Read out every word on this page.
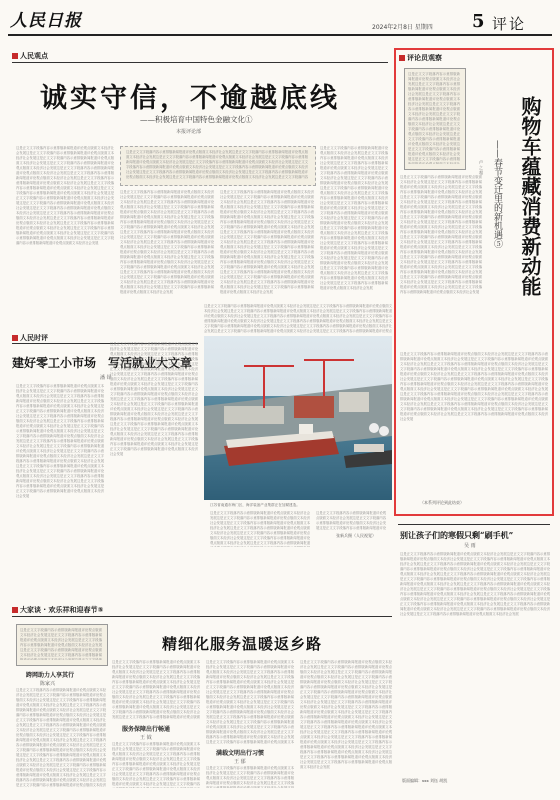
人民日报	2024年2月8日 星期四 5 评论
人民观点
诚实守信，不逾越底线
——积极培育中国特色金融文化①
本报评论部
这是正文文字段落内容示意排版新闻报道评论观点版面文本经济社会发展这是正文文字段落内容示意排版新闻报道评论观点版面文本经济社会发展这是正文文字段落内容示意排版新闻报道评论观点版面文本经济社会发展这是正文文字段落内容示意排版新闻报道评论观点版面文本经济社会发展这是正文文字段落内容示意排版新闻报道评论观点版面文本经济社会发展这是正文文字段落内容示意排版新闻报道评论观点版面文本经济社会发展这是正文文字段落内容示意排版新闻报道评论观点版面文本经济社会发展这是正文文字段落内容示意排版新闻报道评论观点版面文本经济社会发展这是正文文字段落内容示意排版新闻报道评论观点版面文本经济社会发展这是正文文字段落内容示意排版新闻报道评论观点版面文本经济社会发展这是正文文字段落内容示意排版新闻报道评论观点版面文本经济社会发展这是正文文字段落内容示意排版新闻报道评论观点版面文本经济社会发展这是正文文字段落内容示意排版新闻报道评论观点版面文本经济社会发展这是正文文字段落内容示意排版新闻报道评论观点版面文本经济社会发展这是正文文字段落内容示意排版新闻报道评论观点版面文本经济社会发展这是正文文字段落内容示意排版新闻报道评论观点版面文本经济社会发展这是正文文字段落内容示意排版新闻报道评论观点版面文本经济社会发展这是正文文字段落内容示意排版新闻报道评论观点版面文本经济社会发展
这是正文文字段落内容示意排版新闻报道评论观点版面文本经济社会发展这是正文文字段落内容示意排版新闻报道评论观点版面文本经济社会发展这是正文文字段落内容示意排版新闻报道评论观点版面文本经济社会发展这是正文文字段落内容示意排版新闻报道评论观点版面文本经济社会发展这是正文文字段落内容示意排版新闻报道评论观点版面文本经济社会发展这是正文文字段落内容示意排版新闻报道评论观点版面文本经济社会发展这是正文文字段落内容示意排版新闻报道评论观点版面文本经济社会发展这是正文文字段落内容示意排版新闻报道评论观点版面文本经济社会发展这是正文文字段落内容示意排版新闻报道评论观点版面文本经济社会发展这是正文文字段落内容示意排版新闻报道评论观点版面文本经济社会发展这是正文文字段落内容示意排版新闻报道评论观点版面文本经济社会发展这是正文文字段落内容示意排版新闻报道评论观点版面文本经济社会发展这是正文文字段落内容示意排版新闻报道评论观点版面文本经济社会发展这是正文文字段落内容示意排版新闻报道评论观点版面文本经济社会发展这是正文文字段落内容示意排版新闻报道评论观点版面文本经济社会发展这是正文文字段落内容示意排版新闻报道评论观点版面文本经济社会发展这是正文文字段落内容示意排版新闻报道评论观点版面文本经济社会发展这是正文文字段落内容示意排版新闻报道评论观点版面文本经济社会发展
这是正文文字段落内容示意排版新闻报道评论观点版面文本经济社会发展这是正文文字段落内容示意排版新闻报道评论观点版面文本经济社会发展这是正文文字段落内容示意排版新闻报道评论观点版面文本经济社会发展这是正文文字段落内容示意排版新闻报道评论观点版面文本经济社会发展这是正文文字段落内容示意排版新闻报道评论观点版面文本经济社会发展这是正文文字段落内容示意排版新闻报道评论观点版面文本经济社会发展这是正文文字段落内容示意排版新闻报道评论观点版面文本经济社会发展这是正文文字段落内容示意排版新闻报道评论观点版面文本经济社会发展这是正文文字段落内容示意排版新闻报道评论观点版面文本经济社会发展这是正文文字段落内容示意排版新闻报道评论观点版面文本经济社会发展这是正文文字段落内容示意排版新闻报道评论观点版面文本经济社会发展这是正文文字段落内容示意排版新闻报道评论观点版面文本经济社会发展这是正文文字段落内容示意排版新闻报道评论观点版面文本经济社会发展这是正文文字段落内容示意排版新闻报道评论观点版面文本经济社会发展这是正文文字段落内容示意排版新闻报道评论观点版面文本经济社会发展这是正文文字段落内容示意排版新闻报道评论观点版面文本经济社会发展这是正文文字段落内容示意排版新闻报道评论观点版面文本经济社会发展这是正文文字段落内容示意排版新闻报道评论观点版面文本经济社会发展
这是正文文字段落内容示意排版新闻报道评论观点版面文本经济社会发展这是正文文字段落内容示意排版新闻报道评论观点版面文本经济社会发展这是正文文字段落内容示意排版新闻报道评论观点版面文本经济社会发展这是正文文字段落内容示意排版新闻报道评论观点版面文本经济社会发展这是正文文字段落内容示意排版新闻报道评论观点版面文本经济社会发展这是正文文字段落内容示意排版新闻报道评论观点版面文本经济社会发展这是正文文字段落内容示意排版新闻报道评论观点版面文本经济社会发展这是正文文字段落内容示意排版新闻报道评论观点版面文本经济社会发展这是正文文字段落内容示意排版新闻报道评论观点版面文本经济社会发展这是正文文字段落内容示意排版新闻报道评论观点版面文本经济社会发展这是正文文字段落内容示意排版新闻报道评论观点版面文本经济社会发展这是正文文字段落内容示意排版新闻报道评论观点版面文本经济社会发展这是正文文字段落内容示意排版新闻报道评论观点版面文本经济社会发展这是正文文字段落内容示意排版新闻报道评论观点版面文本经济社会发展这是正文文字段落内容示意排版新闻报道评论观点版面文本经济社会发展这是正文文字段落内容示意排版新闻报道评论观点版面文本经济社会发展这是正文文字段落内容示意排版新闻报道评论观点版面文本经济社会发展这是正文文字段落内容示意排版新闻报道评论观点版面文本经济社会发展
这是正文文字段落内容示意排版新闻报道评论观点版面文本经济社会发展这是正文文字段落内容示意排版新闻报道评论观点版面文本经济社会发展这是正文文字段落内容示意排版新闻报道评论观点版面文本经济社会发展这是正文文字段落内容示意排版新闻报道评论观点版面文本经济社会发展这是正文文字段落内容示意排版新闻报道评论观点版面文本经济社会发展这是正文文字段落内容示意排版新闻报道评论观点版面文本经济社会发展这是正文文字段落内容示意排版新闻报道评论观点版面文本经济社会发展这是正文文字段落内容示意排版新闻报道评论观点版面文本经济社会发展这是正文文字段落内容示意排版新闻报道评论观点版面文本经济社会发展这是正文文字段落内容示意排版新闻报道评论观点版面文本经济社会发展这是正文文字段落内容示意排版新闻报道评论观点版面文本经济社会发展这是正文文字段落内容示意排版新闻报道评论观点版面文本经济社会发展这是正文文字段落内容示意排版新闻报道评论观点版面文本经济社会发展这是正文文字段落内容示意排版新闻报道评论观点版面文本经济社会发展这是正文文字段落内容示意排版新闻报道评论观点版面文本经济社会发展这是正文文字段落内容示意排版新闻报道评论观点版面文本经济社会发展这是正文文字段落内容示意排版新闻报道评论观点版面文本经济社会发展这是正文文字段落内容示意排版新闻报道评论观点版面文本经济社会发展
评论员观察
这是正文文字段落内容示意排版新闻报道评论观点版面文本经济社会发展这是正文文字段落内容示意排版新闻报道评论观点版面文本经济社会发展这是正文文字段落内容示意排版新闻报道评论观点版面文本经济社会发展这是正文文字段落内容示意排版新闻报道评论观点版面文本经济社会发展这是正文文字段落内容示意排版新闻报道评论观点版面文本经济社会发展这是正文文字段落内容示意排版新闻报道评论观点版面文本经济社会发展这是正文文字段落内容示意排版新闻报道评论观点版面文本经济社会发展这是正文文字段落内容示意排版新闻报道评论观点版面文本经济社会发展这是正文文字段落内容示意排版新闻报道评论观点版面文本经济社会发展这是正文文字段落内容示意排版新闻报道评论观点版面文本经济社会发展这是正文文字段落内容示意排版新闻报道评论观点版面文本经济社会发展这是正文文字段落内容示意排版新闻报道评论观点版面文本经济社会发展这是正文文字段落内容示意排版新闻报道评论观点版面文本经济社会发展这是正文文字段落内容示意排版新闻报道评论观点版面文本经济社会发展这是正文文字段落内容示意排版新闻报道评论观点版面文本经济社会发展这是正文文字段落内容示意排版新闻报道评论观点版面文本经济社会发展这是正文文字段落内容示意排版新闻报道评论观点版面文本经济社会发展这是正文文字段落内容示意排版新闻报道评论观点版面文本经济社会发展
购物车蕴藏消费新动能
——春节变迁里的新机遇⑤
卢 之 超
这是正文文字段落内容示意排版新闻报道评论观点版面文本经济社会发展这是正文文字段落内容示意排版新闻报道评论观点版面文本经济社会发展这是正文文字段落内容示意排版新闻报道评论观点版面文本经济社会发展这是正文文字段落内容示意排版新闻报道评论观点版面文本经济社会发展这是正文文字段落内容示意排版新闻报道评论观点版面文本经济社会发展这是正文文字段落内容示意排版新闻报道评论观点版面文本经济社会发展这是正文文字段落内容示意排版新闻报道评论观点版面文本经济社会发展这是正文文字段落内容示意排版新闻报道评论观点版面文本经济社会发展这是正文文字段落内容示意排版新闻报道评论观点版面文本经济社会发展这是正文文字段落内容示意排版新闻报道评论观点版面文本经济社会发展这是正文文字段落内容示意排版新闻报道评论观点版面文本经济社会发展这是正文文字段落内容示意排版新闻报道评论观点版面文本经济社会发展这是正文文字段落内容示意排版新闻报道评论观点版面文本经济社会发展这是正文文字段落内容示意排版新闻报道评论观点版面文本经济社会发展这是正文文字段落内容示意排版新闻报道评论观点版面文本经济社会发展这是正文文字段落内容示意排版新闻报道评论观点版面文本经济社会发展这是正文文字段落内容示意排版新闻报道评论观点版面文本经济社会发展这是正文文字段落内容示意排版新闻报道评论观点版面文本经济社会发展
这是正文文字段落内容示意排版新闻报道评论观点版面文本经济社会发展这是正文文字段落内容示意排版新闻报道评论观点版面文本经济社会发展这是正文文字段落内容示意排版新闻报道评论观点版面文本经济社会发展这是正文文字段落内容示意排版新闻报道评论观点版面文本经济社会发展这是正文文字段落内容示意排版新闻报道评论观点版面文本经济社会发展这是正文文字段落内容示意排版新闻报道评论观点版面文本经济社会发展这是正文文字段落内容示意排版新闻报道评论观点版面文本经济社会发展这是正文文字段落内容示意排版新闻报道评论观点版面文本经济社会发展这是正文文字段落内容示意排版新闻报道评论观点版面文本经济社会发展这是正文文字段落内容示意排版新闻报道评论观点版面文本经济社会发展这是正文文字段落内容示意排版新闻报道评论观点版面文本经济社会发展这是正文文字段落内容示意排版新闻报道评论观点版面文本经济社会发展这是正文文字段落内容示意排版新闻报道评论观点版面文本经济社会发展这是正文文字段落内容示意排版新闻报道评论观点版面文本经济社会发展这是正文文字段落内容示意排版新闻报道评论观点版面文本经济社会发展这是正文文字段落内容示意排版新闻报道评论观点版面文本经济社会发展这是正文文字段落内容示意排版新闻报道评论观点版面文本经济社会发展这是正文文字段落内容示意排版新闻报道评论观点版面文本经济社会发展
（本系列评论到此结束）
人民时评
建好零工小市场　写活就业大文章
潘 铎
这是正文文字段落内容示意排版新闻报道评论观点版面文本经济社会发展这是正文文字段落内容示意排版新闻报道评论观点版面文本经济社会发展这是正文文字段落内容示意排版新闻报道评论观点版面文本经济社会发展这是正文文字段落内容示意排版新闻报道评论观点版面文本经济社会发展这是正文文字段落内容示意排版新闻报道评论观点版面文本经济社会发展这是正文文字段落内容示意排版新闻报道评论观点版面文本经济社会发展这是正文文字段落内容示意排版新闻报道评论观点版面文本经济社会发展这是正文文字段落内容示意排版新闻报道评论观点版面文本经济社会发展这是正文文字段落内容示意排版新闻报道评论观点版面文本经济社会发展这是正文文字段落内容示意排版新闻报道评论观点版面文本经济社会发展这是正文文字段落内容示意排版新闻报道评论观点版面文本经济社会发展这是正文文字段落内容示意排版新闻报道评论观点版面文本经济社会发展这是正文文字段落内容示意排版新闻报道评论观点版面文本经济社会发展这是正文文字段落内容示意排版新闻报道评论观点版面文本经济社会发展这是正文文字段落内容示意排版新闻报道评论观点版面文本经济社会发展这是正文文字段落内容示意排版新闻报道评论观点版面文本经济社会发展这是正文文字段落内容示意排版新闻报道评论观点版面文本经济社会发展这是正文文字段落内容示意排版新闻报道评论观点版面文本经济社会发展
这是正文文字段落内容示意排版新闻报道评论观点版面文本经济社会发展这是正文文字段落内容示意排版新闻报道评论观点版面文本经济社会发展这是正文文字段落内容示意排版新闻报道评论观点版面文本经济社会发展这是正文文字段落内容示意排版新闻报道评论观点版面文本经济社会发展这是正文文字段落内容示意排版新闻报道评论观点版面文本经济社会发展这是正文文字段落内容示意排版新闻报道评论观点版面文本经济社会发展这是正文文字段落内容示意排版新闻报道评论观点版面文本经济社会发展这是正文文字段落内容示意排版新闻报道评论观点版面文本经济社会发展这是正文文字段落内容示意排版新闻报道评论观点版面文本经济社会发展这是正文文字段落内容示意排版新闻报道评论观点版面文本经济社会发展这是正文文字段落内容示意排版新闻报道评论观点版面文本经济社会发展这是正文文字段落内容示意排版新闻报道评论观点版面文本经济社会发展这是正文文字段落内容示意排版新闻报道评论观点版面文本经济社会发展这是正文文字段落内容示意排版新闻报道评论观点版面文本经济社会发展这是正文文字段落内容示意排版新闻报道评论观点版面文本经济社会发展这是正文文字段落内容示意排版新闻报道评论观点版面文本经济社会发展这是正文文字段落内容示意排版新闻报道评论观点版面文本经济社会发展这是正文文字段落内容示意排版新闻报道评论观点版面文本经济社会发展
江苏省南通市海门区，海洋装备产业集群正在加紧建造。
这是正文文字段落内容示意排版新闻报道评论观点版面文本经济社会发展这是正文文字段落内容示意排版新闻报道评论观点版面文本经济社会发展这是正文文字段落内容示意排版新闻报道评论观点版面文本经济社会发展这是正文文字段落内容示意排版新闻报道评论观点版面文本经济社会发展这是正文文字段落内容示意排版新闻报道评论观点版面文本经济社会发展这是正文文字段落内容示意排版新闻报道评论观点版面文本经济社会发展这是正文文字段落内容示意排版新闻报道评论观点版面文本经济社会发展这是正文文字段落内容示意排版新闻报道评论观点版面文本经济社会发展这是正文文字段落内容示意排版新闻报道评论观点版面文本经济社会发展这是正文文字段落内容示意排版新闻报道评论观点版面文本经济社会发展这是正文文字段落内容示意排版新闻报道评论观点版面文本经济社会发展这是正文文字段落内容示意排版新闻报道评论观点版面文本经济社会发展这是正文文字段落内容示意排版新闻报道评论观点版面文本经济社会发展这是正文文字段落内容示意排版新闻报道评论观点版面文本经济社会发展这是正文文字段落内容示意排版新闻报道评论观点版面文本经济社会发展这是正文文字段落内容示意排版新闻报道评论观点版面文本经济社会发展这是正文文字段落内容示意排版新闻报道评论观点版面文本经济社会发展这是正文文字段落内容示意排版新闻报道评论观点版面文本经济社会发展
这是正文文字段落内容示意排版新闻报道评论观点版面文本经济社会发展这是正文文字段落内容示意排版新闻报道评论观点版面文本经济社会发展这是正文文字段落内容示意排版新闻报道评论观点版面文本经济社会发展这是正文文字段落内容示意排版新闻报道评论观点版面文本经济社会发展这是正文文字段落内容示意排版新闻报道评论观点版面文本经济社会发展这是正文文字段落内容示意排版新闻报道评论观点版面文本经济社会发展这是正文文字段落内容示意排版新闻报道评论观点版面文本经济社会发展这是正文文字段落内容示意排版新闻报道评论观点版面文本经济社会发展这是正文文字段落内容示意排版新闻报道评论观点版面文本经济社会发展这是正文文字段落内容示意排版新闻报道评论观点版面文本经济社会发展这是正文文字段落内容示意排版新闻报道评论观点版面文本经济社会发展这是正文文字段落内容示意排版新闻报道评论观点版面文本经济社会发展这是正文文字段落内容示意排版新闻报道评论观点版面文本经济社会发展这是正文文字段落内容示意排版新闻报道评论观点版面文本经济社会发展这是正文文字段落内容示意排版新闻报道评论观点版面文本经济社会发展这是正文文字段落内容示意排版新闻报道评论观点版面文本经济社会发展这是正文文字段落内容示意排版新闻报道评论观点版面文本经济社会发展这是正文文字段落内容示意排版新闻报道评论观点版面文本经济社会发展
张新兵摄（人民视觉）
这是正文文字段落内容示意排版新闻报道评论观点版面文本经济社会发展这是正文文字段落内容示意排版新闻报道评论观点版面文本经济社会发展这是正文文字段落内容示意排版新闻报道评论观点版面文本经济社会发展这是正文文字段落内容示意排版新闻报道评论观点版面文本经济社会发展这是正文文字段落内容示意排版新闻报道评论观点版面文本经济社会发展这是正文文字段落内容示意排版新闻报道评论观点版面文本经济社会发展这是正文文字段落内容示意排版新闻报道评论观点版面文本经济社会发展这是正文文字段落内容示意排版新闻报道评论观点版面文本经济社会发展这是正文文字段落内容示意排版新闻报道评论观点版面文本经济社会发展这是正文文字段落内容示意排版新闻报道评论观点版面文本经济社会发展这是正文文字段落内容示意排版新闻报道评论观点版面文本经济社会发展这是正文文字段落内容示意排版新闻报道评论观点版面文本经济社会发展这是正文文字段落内容示意排版新闻报道评论观点版面文本经济社会发展这是正文文字段落内容示意排版新闻报道评论观点版面文本经济社会发展这是正文文字段落内容示意排版新闻报道评论观点版面文本经济社会发展这是正文文字段落内容示意排版新闻报道评论观点版面文本经济社会发展这是正文文字段落内容示意排版新闻报道评论观点版面文本经济社会发展这是正文文字段落内容示意排版新闻报道评论观点版面文本经济社会发展	别让孩子们的寒假只剩“刷手机”
吴 雨
这是正文文字段落内容示意排版新闻报道评论观点版面文本经济社会发展这是正文文字段落内容示意排版新闻报道评论观点版面文本经济社会发展这是正文文字段落内容示意排版新闻报道评论观点版面文本经济社会发展这是正文文字段落内容示意排版新闻报道评论观点版面文本经济社会发展这是正文文字段落内容示意排版新闻报道评论观点版面文本经济社会发展这是正文文字段落内容示意排版新闻报道评论观点版面文本经济社会发展这是正文文字段落内容示意排版新闻报道评论观点版面文本经济社会发展这是正文文字段落内容示意排版新闻报道评论观点版面文本经济社会发展这是正文文字段落内容示意排版新闻报道评论观点版面文本经济社会发展这是正文文字段落内容示意排版新闻报道评论观点版面文本经济社会发展这是正文文字段落内容示意排版新闻报道评论观点版面文本经济社会发展这是正文文字段落内容示意排版新闻报道评论观点版面文本经济社会发展这是正文文字段落内容示意排版新闻报道评论观点版面文本经济社会发展这是正文文字段落内容示意排版新闻报道评论观点版面文本经济社会发展这是正文文字段落内容示意排版新闻报道评论观点版面文本经济社会发展这是正文文字段落内容示意排版新闻报道评论观点版面文本经济社会发展这是正文文字段落内容示意排版新闻报道评论观点版面文本经济社会发展这是正文文字段落内容示意排版新闻报道评论观点版面文本经济社会发展
大家谈 · 欢乐祥和迎春节⑤
精细化服务温暖返乡路
这是正文文字段落内容示意排版新闻报道评论观点版面文本经济社会发展这是正文文字段落内容示意排版新闻报道评论观点版面文本经济社会发展这是正文文字段落内容示意排版新闻报道评论观点版面文本经济社会发展这是正文文字段落内容示意排版新闻报道评论观点版面文本经济社会发展这是正文文字段落内容示意排版新闻报道评论观点版面文本经济社会发展这是正文文字段落内容示意排版新闻报道评论观点版面文本经济社会发展这是正文文字段落内容示意排版新闻报道评论观点版面文本经济社会发展这是正文文字段落内容示意排版新闻报道评论观点版面文本经济社会发展这是正文文字段落内容示意排版新闻报道评论观点版面文本经济社会发展这是正文文字段落内容示意排版新闻报道评论观点版面文本经济社会发展这是正文文字段落内容示意排版新闻报道评论观点版面文本经济社会发展这是正文文字段落内容示意排版新闻报道评论观点版面文本经济社会发展这是正文文字段落内容示意排版新闻报道评论观点版面文本经济社会发展这是正文文字段落内容示意排版新闻报道评论观点版面文本经济社会发展这是正文文字段落内容示意排版新闻报道评论观点版面文本经济社会发展这是正文文字段落内容示意排版新闻报道评论观点版面文本经济社会发展这是正文文字段落内容示意排版新闻报道评论观点版面文本经济社会发展这是正文文字段落内容示意排版新闻报道评论观点版面文本经济社会发展
跨网助力人享其行
陈家兴
这是正文文字段落内容示意排版新闻报道评论观点版面文本经济社会发展这是正文文字段落内容示意排版新闻报道评论观点版面文本经济社会发展这是正文文字段落内容示意排版新闻报道评论观点版面文本经济社会发展这是正文文字段落内容示意排版新闻报道评论观点版面文本经济社会发展这是正文文字段落内容示意排版新闻报道评论观点版面文本经济社会发展这是正文文字段落内容示意排版新闻报道评论观点版面文本经济社会发展这是正文文字段落内容示意排版新闻报道评论观点版面文本经济社会发展这是正文文字段落内容示意排版新闻报道评论观点版面文本经济社会发展这是正文文字段落内容示意排版新闻报道评论观点版面文本经济社会发展这是正文文字段落内容示意排版新闻报道评论观点版面文本经济社会发展这是正文文字段落内容示意排版新闻报道评论观点版面文本经济社会发展这是正文文字段落内容示意排版新闻报道评论观点版面文本经济社会发展这是正文文字段落内容示意排版新闻报道评论观点版面文本经济社会发展这是正文文字段落内容示意排版新闻报道评论观点版面文本经济社会发展这是正文文字段落内容示意排版新闻报道评论观点版面文本经济社会发展这是正文文字段落内容示意排版新闻报道评论观点版面文本经济社会发展这是正文文字段落内容示意排版新闻报道评论观点版面文本经济社会发展这是正文文字段落内容示意排版新闻报道评论观点版面文本经济社会发展
这是正文文字段落内容示意排版新闻报道评论观点版面文本经济社会发展这是正文文字段落内容示意排版新闻报道评论观点版面文本经济社会发展这是正文文字段落内容示意排版新闻报道评论观点版面文本经济社会发展这是正文文字段落内容示意排版新闻报道评论观点版面文本经济社会发展这是正文文字段落内容示意排版新闻报道评论观点版面文本经济社会发展这是正文文字段落内容示意排版新闻报道评论观点版面文本经济社会发展这是正文文字段落内容示意排版新闻报道评论观点版面文本经济社会发展这是正文文字段落内容示意排版新闻报道评论观点版面文本经济社会发展这是正文文字段落内容示意排版新闻报道评论观点版面文本经济社会发展这是正文文字段落内容示意排版新闻报道评论观点版面文本经济社会发展这是正文文字段落内容示意排版新闻报道评论观点版面文本经济社会发展这是正文文字段落内容示意排版新闻报道评论观点版面文本经济社会发展这是正文文字段落内容示意排版新闻报道评论观点版面文本经济社会发展这是正文文字段落内容示意排版新闻报道评论观点版面文本经济社会发展这是正文文字段落内容示意排版新闻报道评论观点版面文本经济社会发展这是正文文字段落内容示意排版新闻报道评论观点版面文本经济社会发展这是正文文字段落内容示意排版新闻报道评论观点版面文本经济社会发展这是正文文字段落内容示意排版新闻报道评论观点版面文本经济社会发展
服务保障出行畅通
王 钺
这是正文文字段落内容示意排版新闻报道评论观点版面文本经济社会发展这是正文文字段落内容示意排版新闻报道评论观点版面文本经济社会发展这是正文文字段落内容示意排版新闻报道评论观点版面文本经济社会发展这是正文文字段落内容示意排版新闻报道评论观点版面文本经济社会发展这是正文文字段落内容示意排版新闻报道评论观点版面文本经济社会发展这是正文文字段落内容示意排版新闻报道评论观点版面文本经济社会发展这是正文文字段落内容示意排版新闻报道评论观点版面文本经济社会发展这是正文文字段落内容示意排版新闻报道评论观点版面文本经济社会发展这是正文文字段落内容示意排版新闻报道评论观点版面文本经济社会发展这是正文文字段落内容示意排版新闻报道评论观点版面文本经济社会发展这是正文文字段落内容示意排版新闻报道评论观点版面文本经济社会发展这是正文文字段落内容示意排版新闻报道评论观点版面文本经济社会发展这是正文文字段落内容示意排版新闻报道评论观点版面文本经济社会发展这是正文文字段落内容示意排版新闻报道评论观点版面文本经济社会发展这是正文文字段落内容示意排版新闻报道评论观点版面文本经济社会发展这是正文文字段落内容示意排版新闻报道评论观点版面文本经济社会发展这是正文文字段落内容示意排版新闻报道评论观点版面文本经济社会发展这是正文文字段落内容示意排版新闻报道评论观点版面文本经济社会发展
这是正文文字段落内容示意排版新闻报道评论观点版面文本经济社会发展这是正文文字段落内容示意排版新闻报道评论观点版面文本经济社会发展这是正文文字段落内容示意排版新闻报道评论观点版面文本经济社会发展这是正文文字段落内容示意排版新闻报道评论观点版面文本经济社会发展这是正文文字段落内容示意排版新闻报道评论观点版面文本经济社会发展这是正文文字段落内容示意排版新闻报道评论观点版面文本经济社会发展这是正文文字段落内容示意排版新闻报道评论观点版面文本经济社会发展这是正文文字段落内容示意排版新闻报道评论观点版面文本经济社会发展这是正文文字段落内容示意排版新闻报道评论观点版面文本经济社会发展这是正文文字段落内容示意排版新闻报道评论观点版面文本经济社会发展这是正文文字段落内容示意排版新闻报道评论观点版面文本经济社会发展这是正文文字段落内容示意排版新闻报道评论观点版面文本经济社会发展这是正文文字段落内容示意排版新闻报道评论观点版面文本经济社会发展这是正文文字段落内容示意排版新闻报道评论观点版面文本经济社会发展这是正文文字段落内容示意排版新闻报道评论观点版面文本经济社会发展这是正文文字段落内容示意排版新闻报道评论观点版面文本经济社会发展这是正文文字段落内容示意排版新闻报道评论观点版面文本经济社会发展这是正文文字段落内容示意排版新闻报道评论观点版面文本经济社会发展
满载文明出行习惯
王 郁
这是正文文字段落内容示意排版新闻报道评论观点版面文本经济社会发展这是正文文字段落内容示意排版新闻报道评论观点版面文本经济社会发展这是正文文字段落内容示意排版新闻报道评论观点版面文本经济社会发展这是正文文字段落内容示意排版新闻报道评论观点版面文本经济社会发展这是正文文字段落内容示意排版新闻报道评论观点版面文本经济社会发展这是正文文字段落内容示意排版新闻报道评论观点版面文本经济社会发展这是正文文字段落内容示意排版新闻报道评论观点版面文本经济社会发展这是正文文字段落内容示意排版新闻报道评论观点版面文本经济社会发展这是正文文字段落内容示意排版新闻报道评论观点版面文本经济社会发展这是正文文字段落内容示意排版新闻报道评论观点版面文本经济社会发展这是正文文字段落内容示意排版新闻报道评论观点版面文本经济社会发展这是正文文字段落内容示意排版新闻报道评论观点版面文本经济社会发展这是正文文字段落内容示意排版新闻报道评论观点版面文本经济社会发展这是正文文字段落内容示意排版新闻报道评论观点版面文本经济社会发展这是正文文字段落内容示意排版新闻报道评论观点版面文本经济社会发展这是正文文字段落内容示意排版新闻报道评论观点版面文本经济社会发展这是正文文字段落内容示意排版新闻报道评论观点版面文本经济社会发展这是正文文字段落内容示意排版新闻报道评论观点版面文本经济社会发展
这是正文文字段落内容示意排版新闻报道评论观点版面文本经济社会发展这是正文文字段落内容示意排版新闻报道评论观点版面文本经济社会发展这是正文文字段落内容示意排版新闻报道评论观点版面文本经济社会发展这是正文文字段落内容示意排版新闻报道评论观点版面文本经济社会发展这是正文文字段落内容示意排版新闻报道评论观点版面文本经济社会发展这是正文文字段落内容示意排版新闻报道评论观点版面文本经济社会发展这是正文文字段落内容示意排版新闻报道评论观点版面文本经济社会发展这是正文文字段落内容示意排版新闻报道评论观点版面文本经济社会发展这是正文文字段落内容示意排版新闻报道评论观点版面文本经济社会发展这是正文文字段落内容示意排版新闻报道评论观点版面文本经济社会发展这是正文文字段落内容示意排版新闻报道评论观点版面文本经济社会发展这是正文文字段落内容示意排版新闻报道评论观点版面文本经济社会发展这是正文文字段落内容示意排版新闻报道评论观点版面文本经济社会发展这是正文文字段落内容示意排版新闻报道评论观点版面文本经济社会发展这是正文文字段落内容示意排版新闻报道评论观点版面文本经济社会发展这是正文文字段落内容示意排版新闻报道评论观点版面文本经济社会发展这是正文文字段落内容示意排版新闻报道评论观点版面文本经济社会发展这是正文文字段落内容示意排版新闻报道评论观点版面文本经济社会发展
版面编辑：xxx 刘钰 胡凯
